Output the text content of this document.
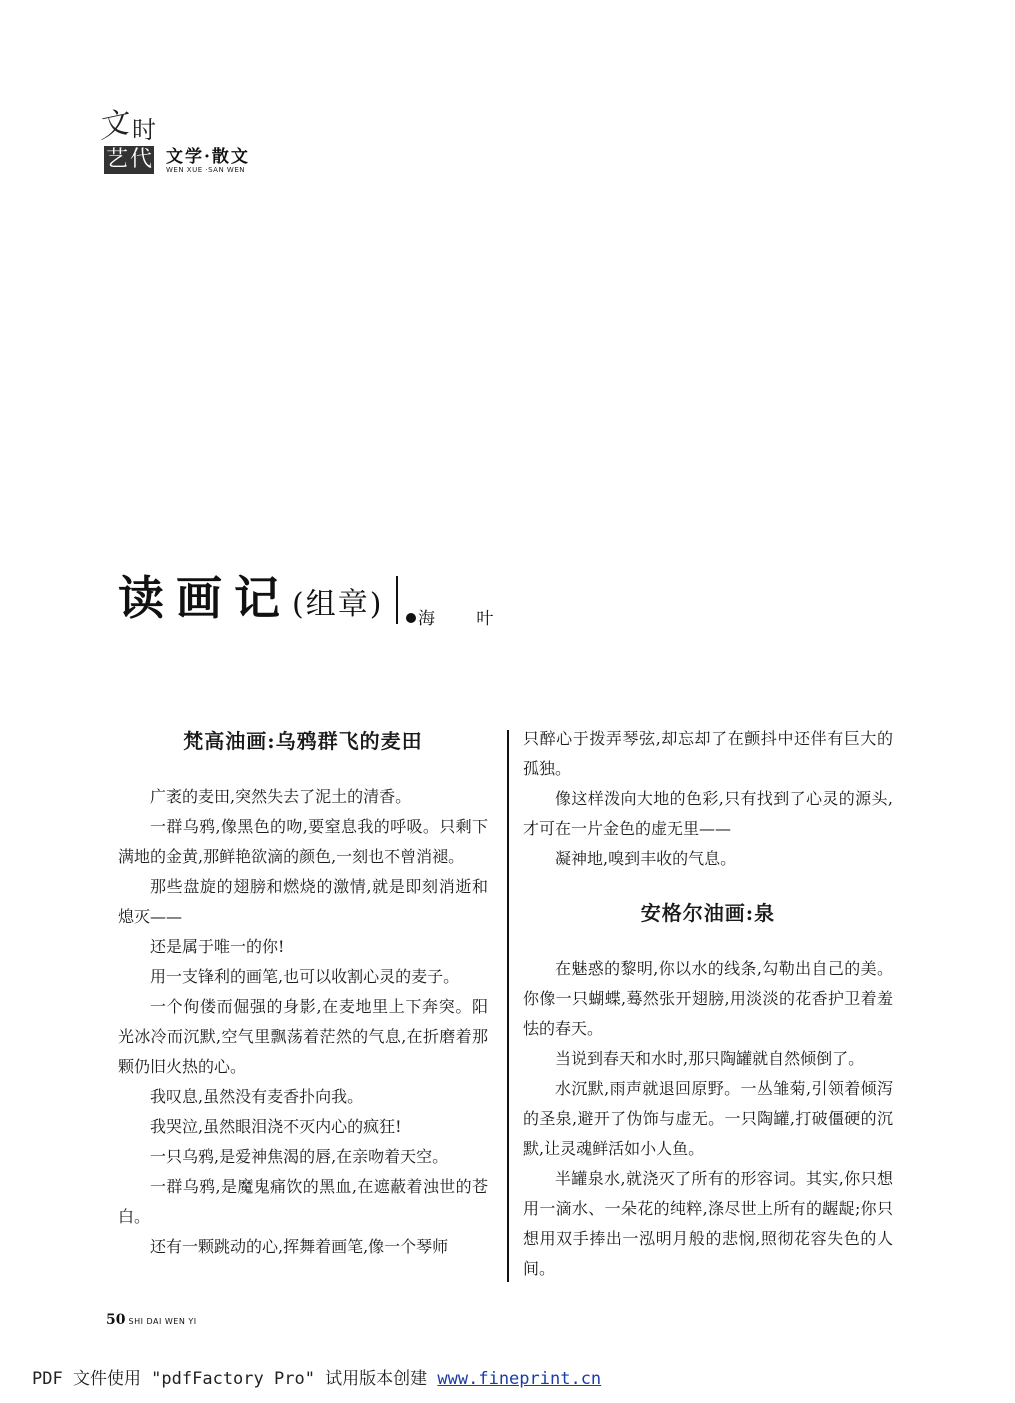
文 时
艺代 文学·散文
WEN XUE ·SAN WEN
读画记(组章)	海 叶
梵高油画:乌鸦群飞的麦田

广袤的麦田,突然失去了泥土的清香。

一群乌鸦,像黑色的吻,要窒息我的呼吸。只剩下满地的金黄,那鲜艳欲滴的颜色,一刻也不曾消褪。

那些盘旋的翅膀和燃烧的激情,就是即刻消逝和熄灭——

还是属于唯一的你!

用一支锋利的画笔,也可以收割心灵的麦子。

一个佝偻而倔强的身影,在麦地里上下奔突。阳光冰冷而沉默,空气里飘荡着茫然的气息,在折磨着那颗仍旧火热的心。

我叹息,虽然没有麦香扑向我。

我哭泣,虽然眼泪浇不灭内心的疯狂!

一只乌鸦,是爱神焦渴的唇,在亲吻着天空。

一群乌鸦,是魔鬼痛饮的黑血,在遮蔽着浊世的苍白。

还有一颗跳动的心,挥舞着画笔,像一个琴师

只醉心于拨弄琴弦,却忘却了在颤抖中还伴有巨大的孤独。

像这样泼向大地的色彩,只有找到了心灵的源头,才可在一片金色的虚无里——

凝神地,嗅到丰收的气息。

安格尔油画:泉

在魅惑的黎明,你以水的线条,勾勒出自己的美。你像一只蝴蝶,蓦然张开翅膀,用淡淡的花香护卫着羞怯的春天。

当说到春天和水时,那只陶罐就自然倾倒了。

水沉默,雨声就退回原野。一丛雏菊,引领着倾泻的圣泉,避开了伪饰与虚无。一只陶罐,打破僵硬的沉默,让灵魂鲜活如小人鱼。

半罐泉水,就浇灭了所有的形容词。其实,你只想用一滴水、一朵花的纯粹,涤尽世上所有的龌龊;你只想用双手捧出一泓明月般的悲悯,照彻花容失色的人间。

50 SHI DAI WEN YI
PDF 文件使用 "pdfFactory Pro" 试用版本创建 www.fineprint.cn
